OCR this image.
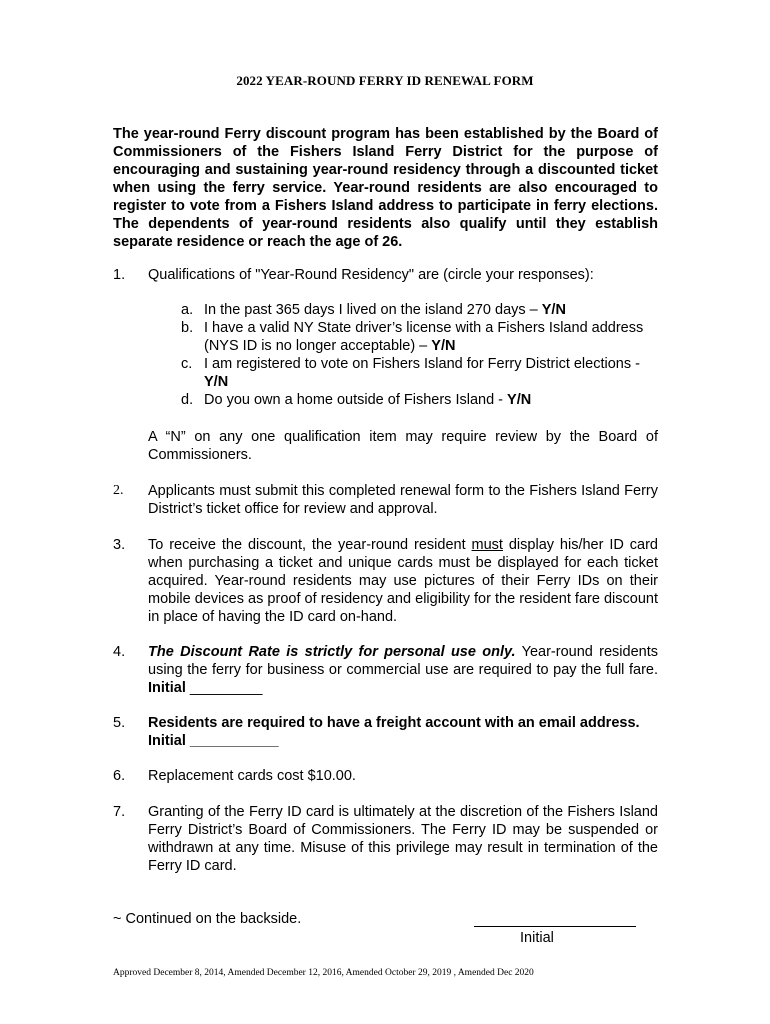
2022 YEAR-ROUND FERRY ID RENEWAL FORM
The year-round Ferry discount program has been established by the Board of Commissioners of the Fishers Island Ferry District for the purpose of encouraging and sustaining year-round residency through a discounted ticket when using the ferry service. Year-round residents are also encouraged to register to vote from a Fishers Island address to participate in ferry elections. The dependents of year-round residents also qualify until they establish separate residence or reach the age of 26.
1.	Qualifications of "Year-Round Residency" are (circle your responses):
a. In the past 365 days I lived on the island 270 days – Y/N
b. I have a valid NY State driver’s license with a Fishers Island address (NYS ID is no longer acceptable) – Y/N
c. I am registered to vote on Fishers Island for Ferry District elections - Y/N
d. Do you own a home outside of Fishers Island - Y/N
A “N” on any one qualification item may require review by the Board of Commissioners.
2.	Applicants must submit this completed renewal form to the Fishers Island Ferry District’s ticket office for review and approval.
3.	To receive the discount, the year-round resident must display his/her ID card when purchasing a ticket and unique cards must be displayed for each ticket acquired. Year-round residents may use pictures of their Ferry IDs on their mobile devices as proof of residency and eligibility for the resident fare discount in place of having the ID card on-hand.
4.	The Discount Rate is strictly for personal use only. Year-round residents using the ferry for business or commercial use are required to pay the full fare. Initial _________
5.	Residents are required to have a freight account with an email address.
Initial ___________
6.	Replacement cards cost $10.00.
7.	Granting of the Ferry ID card is ultimately at the discretion of the Fishers Island Ferry District’s Board of Commissioners. The Ferry ID may be suspended or withdrawn at any time. Misuse of this privilege may result in termination of the Ferry ID card.
~ Continued on the backside.
Initial
Approved December 8, 2014, Amended December 12, 2016, Amended October 29, 2019 , Amended Dec 2020
